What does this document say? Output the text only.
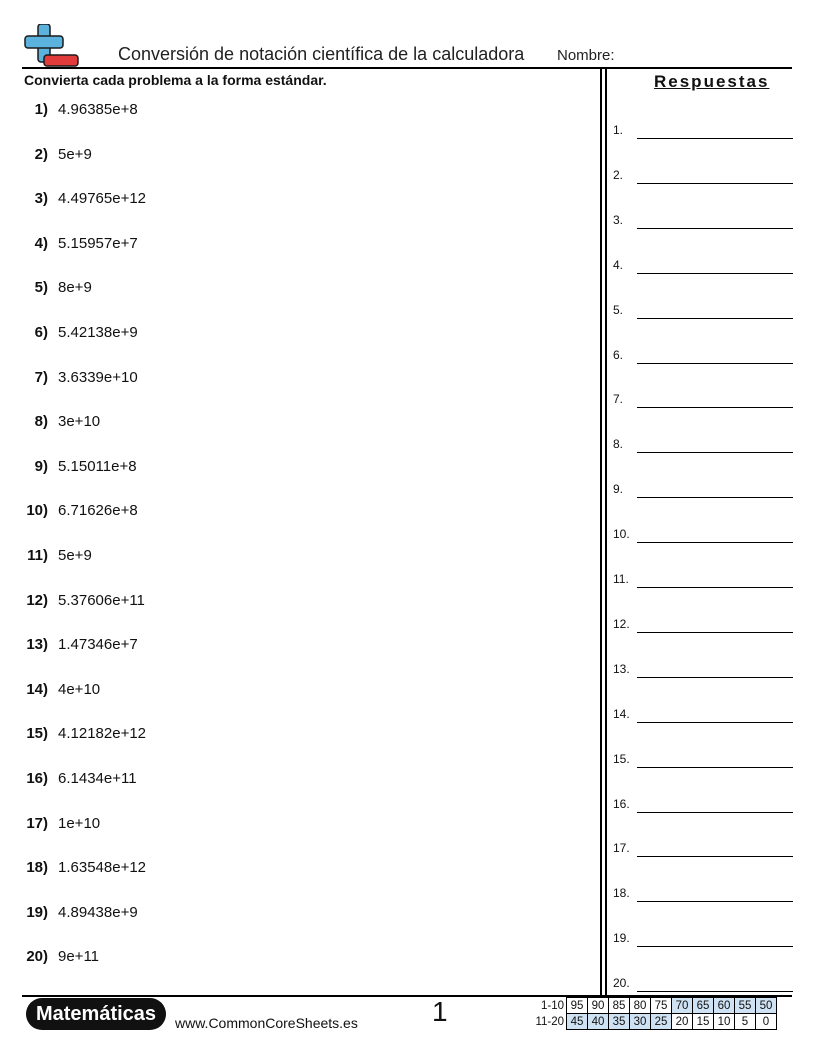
Conversión de notación científica de la calculadora Nombre:
Convierta cada problema a la forma estándar.	Respuestas
1) 4.96385e+8
2) 5e+9
3) 4.49765e+12
4) 5.15957e+7
5) 8e+9
6) 5.42138e+9
7) 3.6339e+10
8) 3e+10
9) 5.15011e+8
10) 6.71626e+8
11) 5e+9
12) 5.37606e+11
13) 1.47346e+7
14) 4e+10
15) 4.12182e+12
16) 6.1434e+11
17) 1e+10
18) 1.63548e+12
19) 4.89438e+9
20) 9e+11
1.
2.
3.
4.
5.
6.
7.
8.
9.
10.
11.
12.
13.
14.
15.
16.
17.
18.
19.
20.
Matemáticas	www.CommonCoreSheets.es	1	1-10	95	90	85	80	75	70	65	60	55	50
11-20	45	40	35	30	25	20	15	10	5	0
